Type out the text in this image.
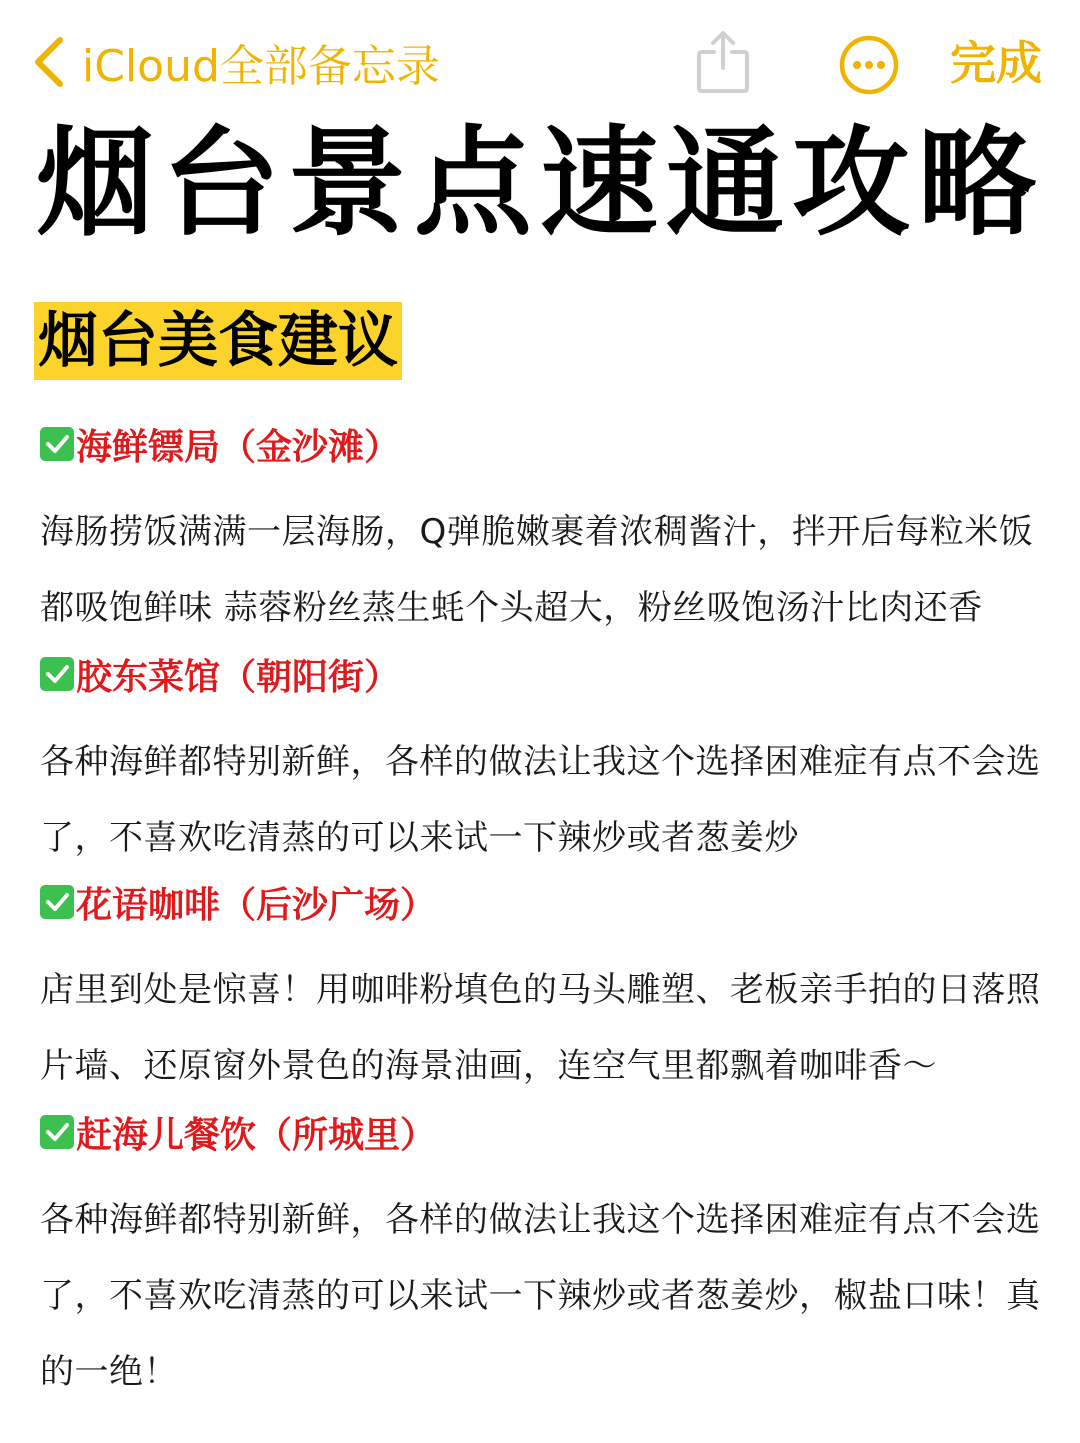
iCloud全部备忘录	完成
烟台景点速通攻略
烟台美食建议
海鲜镖局（金沙滩）
海肠捞饭满满一层海肠，Q弹脆嫩裹着浓稠酱汁，拌开后每粒米饭都吸饱鲜味 蒜蓉粉丝蒸生蚝个头超大，粉丝吸饱汤汁比肉还香
胶东菜馆（朝阳街）
各种海鲜都特别新鲜，各样的做法让我这个选择困难症有点不会选了，不喜欢吃清蒸的可以来试一下辣炒或者葱姜炒
花语咖啡（后沙广场）
店里到处是惊喜！用咖啡粉填色的马头雕塑、老板亲手拍的日落照片墙、还原窗外景色的海景油画，连空气里都飘着咖啡香～
赶海儿餐饮（所城里）
各种海鲜都特别新鲜，各样的做法让我这个选择困难症有点不会选了，不喜欢吃清蒸的可以来试一下辣炒或者葱姜炒，椒盐口味！真的一绝！
